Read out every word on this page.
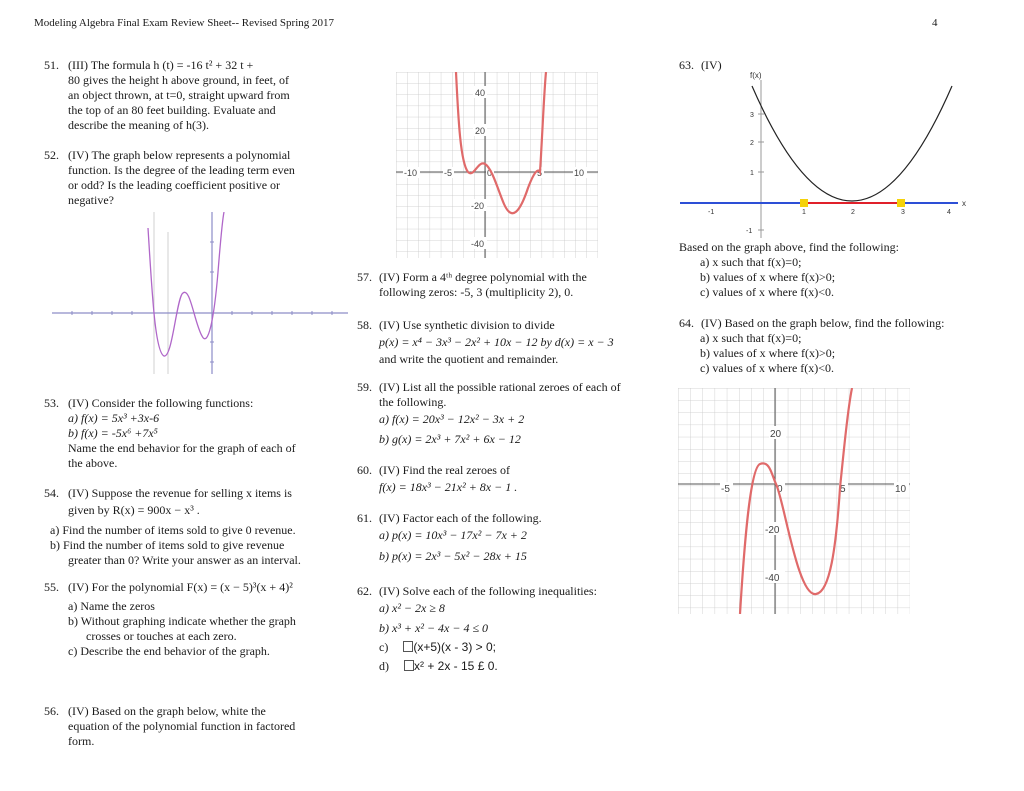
Modeling Algebra Final Exam Review Sheet-- Revised Spring 2017	4
51. (III) The formula h (t) = -16 t² + 32 t +
80 gives the height h above ground, in feet, of
an object thrown, at t=0, straight upward from
the top of an 80 feet building. Evaluate and
describe the meaning of h(3).
52. (IV) The graph below represents a polynomial
function. Is the degree of the leading term even
or odd? Is the leading coefficient positive or
negative?
53. (IV) Consider the following functions:
a) f(x) = 5x³ +3x-6
b) f(x) = -5x⁶ +7x⁵
Name the end behavior for the graph of each of
the above.
54. (IV) Suppose the revenue for selling x items is
given by R(x) = 900x − x³ .
a) Find the number of items sold to give 0 revenue.
b) Find the number of items sold to give revenue
greater than 0? Write your answer as an interval.
55. (IV) For the polynomial F(x) = (x − 5)³(x + 4)²
a) Name the zeros
b) Without graphing indicate whether the graph
crosses or touches at each zero.
c) Describe the end behavior of the graph.
56. (IV) Based on the graph below, white the
equation of the polynomial function in factored
form.
40
20
-20
-40
-10	-5	0	5	10
57. (IV) Form a 4ᵗʰ degree polynomial with the
following zeros: -5, 3 (multiplicity 2), 0.
58. (IV) Use synthetic division to divide
p(x) = x⁴ − 3x³ − 2x² + 10x − 12 by d(x) = x − 3
and write the quotient and remainder.
59. (IV) List all the possible rational zeroes of each of
the following.
a) f(x) = 20x³ − 12x² − 3x + 2
b) g(x) = 2x³ + 7x² + 6x − 12
60. (IV) Find the real zeroes of
f(x) = 18x³ − 21x² + 8x − 1 .
61. (IV) Factor each of the following.
a) p(x) = 10x³ − 17x² − 7x + 2
b) p(x) = 2x³ − 5x² − 28x + 15
62. (IV) Solve each of the following inequalities:
a) x² − 2x ≥ 8
b) x³ + x² − 4x − 4 ≤ 0
c) (x+5)(x - 3) > 0;
d) x² + 2x - 15 £ 0.
63. (IV)
f(x)
3
2
1
-1
x
-1	1	2	3	4
Based on the graph above, find the following:
a) x such that f(x)=0;
b) values of x where f(x)>0;
c) values of x where f(x)<0.
64. (IV) Based on the graph below, find the following:
a) x such that f(x)=0;
b) values of x where f(x)>0;
c) values of x where f(x)<0.
20
-20
-40
-5	0	5	10
